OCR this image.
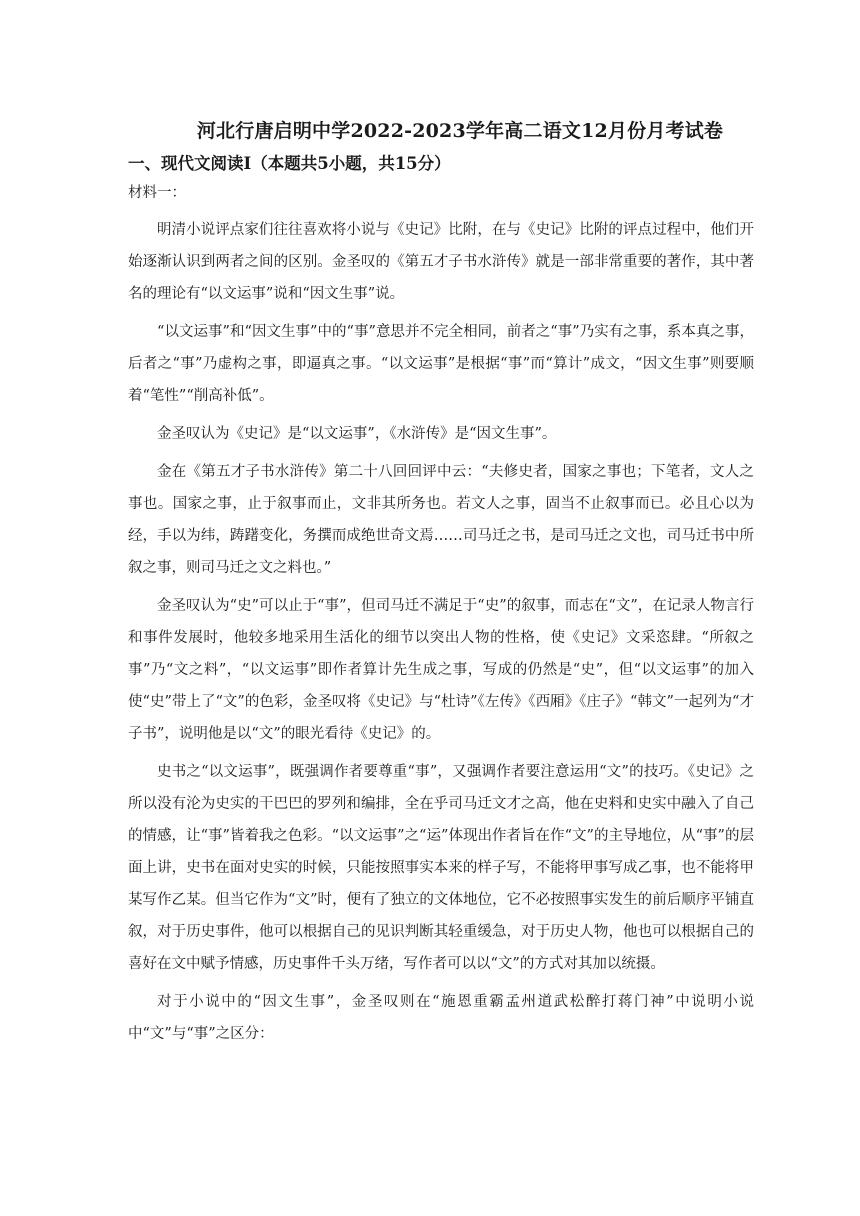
河北行唐启明中学2022-2023学年高二语文12月份月考试卷
一、现代文阅读Ⅰ（本题共5小题，共15分）
材料一：

明清小说评点家们往往喜欢将小说与《史记》比附，在与《史记》比附的评点过程中，他们开始逐渐认识到两者之间的区别。金圣叹的《第五才子书水浒传》就是一部非常重要的著作，其中著名的理论有“以文运事”说和“因文生事”说。

“以文运事”和“因文生事”中的“事”意思并不完全相同，前者之“事”乃实有之事，系本真之事，后者之“事”乃虚构之事，即逼真之事。“以文运事”是根据“事”而“算计”成文，“因文生事”则要顺着“笔性”“削高补低”。

金圣叹认为《史记》是“以文运事”，《水浒传》是“因文生事”。

金在《第五才子书水浒传》第二十八回回评中云：“夫修史者，国家之事也；下笔者，文人之事也。国家之事，止于叙事而止，文非其所务也。若文人之事，固当不止叙事而已。必且心以为经，手以为纬，踌躇变化，务撰而成绝世奇文焉……司马迁之书，是司马迁之文也，司马迁书中所叙之事，则司马迁之文之料也。”

金圣叹认为“史”可以止于“事”，但司马迁不满足于“史”的叙事，而志在“文”，在记录人物言行和事件发展时，他较多地采用生活化的细节以突出人物的性格，使《史记》文采恣肆。“所叙之事”乃“文之料”，“以文运事”即作者算计先生成之事，写成的仍然是“史”，但“以文运事”的加入使“史”带上了“文”的色彩，金圣叹将《史记》与“杜诗”《左传》《西厢》《庄子》“韩文”一起列为“才子书”，说明他是以“文”的眼光看待《史记》的。

史书之“以文运事”，既强调作者要尊重“事”，又强调作者要注意运用“文”的技巧。《史记》之所以没有沦为史实的干巴巴的罗列和编排，全在乎司马迁文才之高，他在史料和史实中融入了自己的情感，让“事”皆着我之色彩。“以文运事”之“运”体现出作者旨在作“文”的主导地位，从“事”的层面上讲，史书在面对史实的时候，只能按照事实本来的样子写，不能将甲事写成乙事，也不能将甲某写作乙某。但当它作为“文”时，便有了独立的文体地位，它不必按照事实发生的前后顺序平铺直叙，对于历史事件，他可以根据自己的见识判断其轻重缓急，对于历史人物，他也可以根据自己的喜好在文中赋予情感，历史事件千头万绪，写作者可以以“文”的方式对其加以统摄。

对于小说中的“因文生事”，金圣叹则在“施恩重霸孟州道武松醉打蒋门神”中说明小说中“文”与“事”之区分：
